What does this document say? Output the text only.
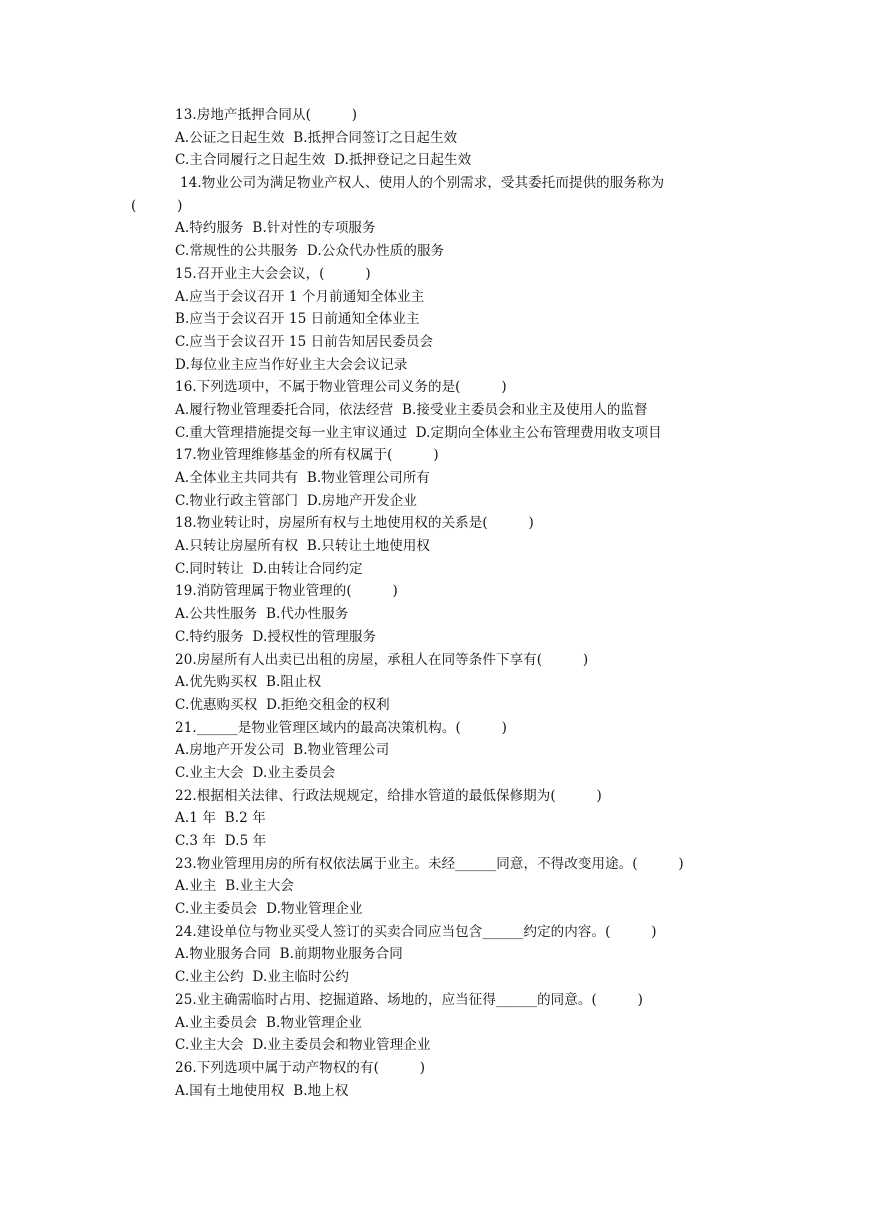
13.房地产抵押合同从(　　　)
A.公证之日起生效  B.抵押合同签订之日起生效
C.主合同履行之日起生效  D.抵押登记之日起生效
14.物业公司为满足物业产权人、使用人的个别需求，受其委托而提供的服务称为
(　　　)
A.特约服务  B.针对性的专项服务
C.常规性的公共服务  D.公众代办性质的服务
15.召开业主大会会议，(　　　)
A.应当于会议召开 1 个月前通知全体业主
B.应当于会议召开 15 日前通知全体业主
C.应当于会议召开 15 日前告知居民委员会
D.每位业主应当作好业主大会会议记录
16.下列选项中，不属于物业管理公司义务的是(　　　)
A.履行物业管理委托合同，依法经营  B.接受业主委员会和业主及使用人的监督
C.重大管理措施提交每一业主审议通过  D.定期向全体业主公布管理费用收支项目
17.物业管理维修基金的所有权属于(　　　)
A.全体业主共同共有  B.物业管理公司所有
C.物业行政主管部门  D.房地产开发企业
18.物业转让时，房屋所有权与土地使用权的关系是(　　　)
A.只转让房屋所有权  B.只转让土地使用权
C.同时转让  D.由转让合同约定
19.消防管理属于物业管理的(　　　)
A.公共性服务  B.代办性服务
C.特约服务  D.授权性的管理服务
20.房屋所有人出卖已出租的房屋，承租人在同等条件下享有(　　　)
A.优先购买权  B.阻止权
C.优惠购买权  D.拒绝交租金的权利
21.______是物业管理区域内的最高决策机构。(　　　)
A.房地产开发公司  B.物业管理公司
C.业主大会  D.业主委员会
22.根据相关法律、行政法规规定，给排水管道的最低保修期为(　　　)
A.1 年  B.2 年
C.3 年  D.5 年
23.物业管理用房的所有权依法属于业主。未经______同意，不得改变用途。(　　　)
A.业主  B.业主大会
C.业主委员会  D.物业管理企业
24.建设单位与物业买受人签订的买卖合同应当包含______约定的内容。(　　　)
A.物业服务合同  B.前期物业服务合同
C.业主公约  D.业主临时公约
25.业主确需临时占用、挖掘道路、场地的，应当征得______的同意。(　　　)
A.业主委员会  B.物业管理企业
C.业主大会  D.业主委员会和物业管理企业
26.下列选项中属于动产物权的有(　　　)
A.国有土地使用权  B.地上权
